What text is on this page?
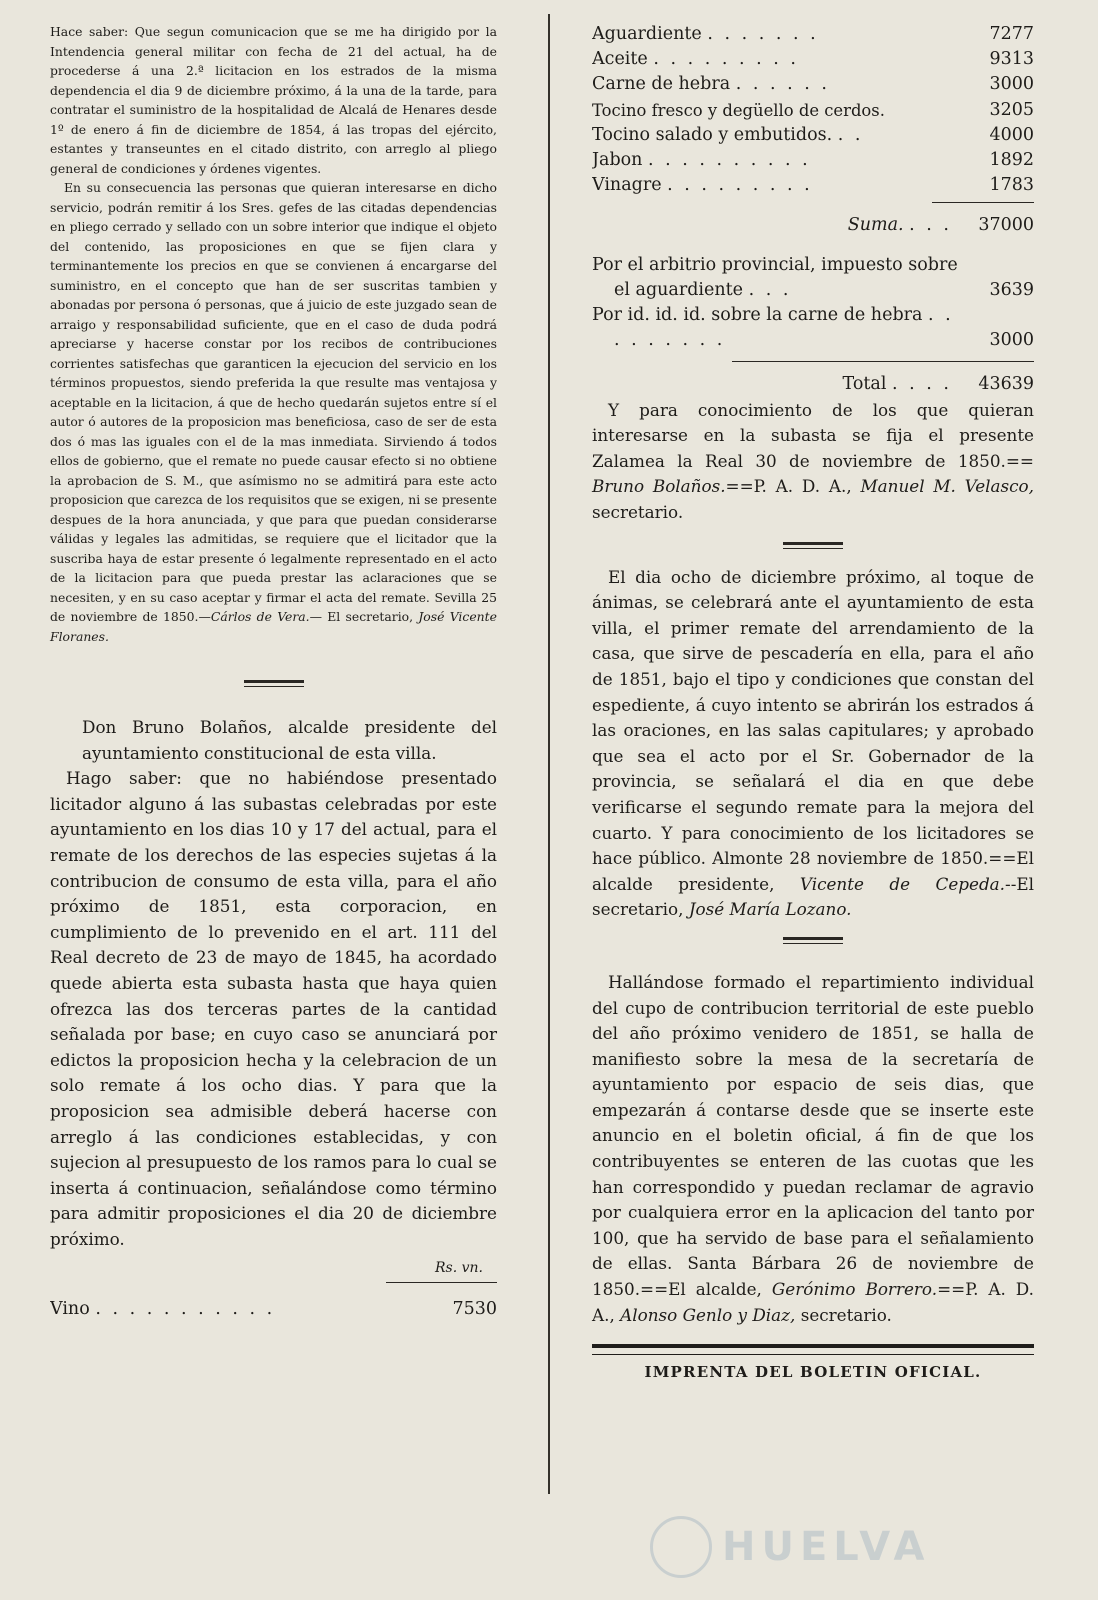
Hace saber: Que segun comunicacion que se me ha dirigido por la Intendencia general militar con fecha de 21 del actual, ha de procederse á una 2.ª licitacion en los estrados de la misma dependencia el dia 9 de diciembre próximo, á la una de la tarde, para contratar el suministro de la hospitalidad de Alcalá de Henares desde 1º de enero á fin de diciembre de 1854, á las tropas del ejército, estantes y transeuntes en el citado distrito, con arreglo al pliego general de condiciones y órdenes vigentes.

En su consecuencia las personas que quieran interesarse en dicho servicio, podrán remitir á los Sres. gefes de las citadas dependencias en pliego cerrado y sellado con un sobre interior que indique el objeto del contenido, las proposiciones en que se fijen clara y terminantemente los precios en que se convienen á encargarse del suministro, en el concepto que han de ser suscritas tambien y abonadas por persona ó personas, que á juicio de este juzgado sean de arraigo y responsabilidad suficiente, que en el caso de duda podrá apreciarse y hacerse constar por los recibos de contribuciones corrientes satisfechas que garanticen la ejecucion del servicio en los términos propuestos, siendo preferida la que resulte mas ventajosa y aceptable en la licitacion, á que de hecho quedarán sujetos entre sí el autor ó autores de la proposicion mas beneficiosa, caso de ser de esta dos ó mas las iguales con el de la mas inmediata. Sirviendo á todos ellos de gobierno, que el remate no puede causar efecto si no obtiene la aprobacion de S. M., que asímismo no se admitirá para este acto proposicion que carezca de los requisitos que se exigen, ni se presente despues de la hora anunciada, y que para que puedan considerarse válidas y legales las admitidas, se requiere que el licitador que la suscriba haya de estar presente ó legalmente representado en el acto de la licitacion para que pueda prestar las aclaraciones que se necesiten, y en su caso aceptar y firmar el acta del remate. Sevilla 25 de noviembre de 1850.—Cárlos de Vera.— El secretario, José Vicente Floranes.

Don Bruno Bolaños, alcalde presidente del ayuntamiento constitucional de esta villa.

Hago saber: que no habiéndose presentado licitador alguno á las subastas celebradas por este ayuntamiento en los dias 10 y 17 del actual, para el remate de los derechos de las especies sujetas á la contribucion de consumo de esta villa, para el año próximo de 1851, esta corporacion, en cumplimiento de lo prevenido en el art. 111 del Real decreto de 23 de mayo de 1845, ha acordado quede abierta esta subasta hasta que haya quien ofrezca las dos terceras partes de la cantidad señalada por base; en cuyo caso se anunciará por edictos la proposicion hecha y la celebracion de un solo remate á los ocho dias. Y para que la proposicion sea admisible deberá hacerse con arreglo á las condiciones establecidas, y con sujecion al presupuesto de los ramos para lo cual se inserta á continuacion, señalándose como término para admitir proposiciones el dia 20 de diciembre próximo.

Rs. vn.
Vino . . . . . . . . . . .	7530
Aguardiente . . . . . . .	7277
Aceite . . . . . . . . .	9313
Carne de hebra . . . . . .	3000
Tocino fresco y degüello de cerdos.	3205
Tocino salado y embutidos. . .	4000
Jabon . . . . . . . . . .	1892
Vinagre . . . . . . . . .	1783
Suma. . . .	37000
Por el arbitrio provincial, impuesto sobre el aguardiente . . .	3639
Por id. id. id. sobre la carne de hebra . . . . . . . . .	3000
Total . . . .	43639

Y para conocimiento de los que quieran interesarse en la subasta se fija el presente Zalamea la Real 30 de noviembre de 1850.== Bruno Bolaños.==P. A. D. A., Manuel M. Velasco, secretario.

El dia ocho de diciembre próximo, al toque de ánimas, se celebrará ante el ayuntamiento de esta villa, el primer remate del arrendamiento de la casa, que sirve de pescadería en ella, para el año de 1851, bajo el tipo y condiciones que constan del espediente, á cuyo intento se abrirán los estrados á las oraciones, en las salas capitulares; y aprobado que sea el acto por el Sr. Gobernador de la provincia, se señalará el dia en que debe verificarse el segundo remate para la mejora del cuarto. Y para conocimiento de los licitadores se hace público. Almonte 28 noviembre de 1850.==El alcalde presidente, Vicente de Cepeda.--El secretario, José María Lozano.

Hallándose formado el repartimiento individual del cupo de contribucion territorial de este pueblo del año próximo venidero de 1851, se halla de manifiesto sobre la mesa de la secretaría de ayuntamiento por espacio de seis dias, que empezarán á contarse desde que se inserte este anuncio en el boletin oficial, á fin de que los contribuyentes se enteren de las cuotas que les han correspondido y puedan reclamar de agravio por cualquiera error en la aplicacion del tanto por 100, que ha servido de base para el señalamiento de ellas. Santa Bárbara 26 de noviembre de 1850.==El alcalde, Gerónimo Borrero.==P. A. D. A., Alonso Genlo y Diaz, secretario.

IMPRENTA DEL BOLETIN OFICIAL.
HUELVA
